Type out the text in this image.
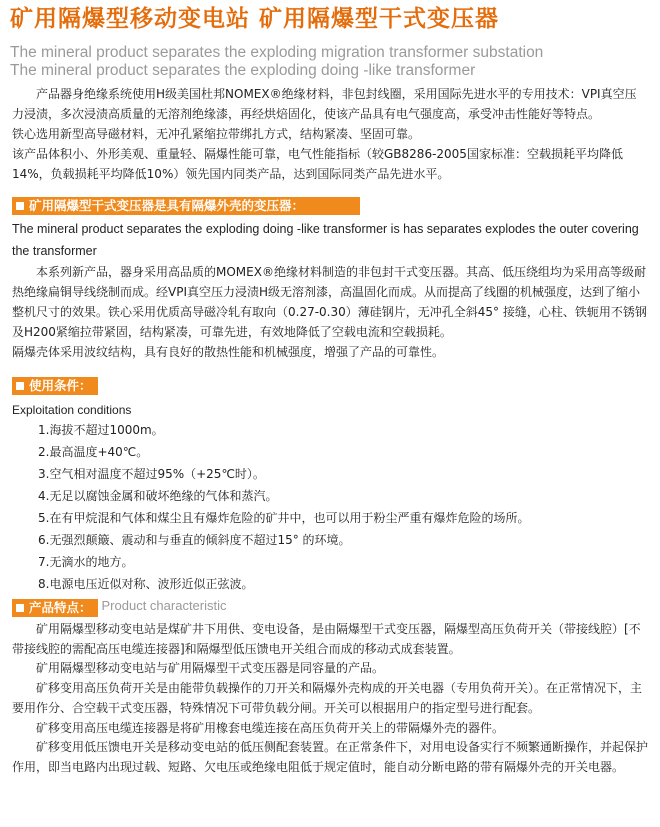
矿用隔爆型移动变电站 矿用隔爆型干式变压器
The mineral product separates the exploding migration transformer substation
The mineral product separates the exploding doing -like transformer

产品器身绝缘系统使用H级美国杜邦NOMEX®绝缘材料，非包封线圈，采用国际先进水平的专用技术：VPI真空压力浸渍，多次浸渍高质量的无溶剂绝缘漆，再经烘焙固化，使该产品具有电气强度高，承受冲击性能好等特点。

铁心选用新型高导磁材料，无冲孔紧缩拉带绑扎方式，结构紧凑、坚固可靠。

该产品体积小、外形美观、重量轻、隔爆性能可靠，电气性能指标（较GB8286-2005国家标准：空载损耗平均降低14%，负载损耗平均降低10%）领先国内同类产品，达到国际同类产品先进水平。

矿用隔爆型干式变压器是具有隔爆外壳的变压器：
The mineral product separates the exploding doing -like transformer is has separates explodes the outer covering the transformer

本系列新产品，器身采用高品质的MOMEX®绝缘材料制造的非包封干式变压器。其高、低压绕组均为采用高等级耐热绝缘扁铜导线绕制而成。经VPI真空压力浸渍H级无溶剂漆，高温固化而成。从而提高了线圈的机械强度，达到了缩小整机尺寸的效果。铁心采用优质高导磁冷轧有取向（0.27-0.30）薄硅钢片，无冲孔全斜45° 接缝，心柱、铁轭用不锈钢及H200紧缩拉带紧固，结构紧凑，可靠先进，有效地降低了空载电流和空载损耗。

隔爆壳体采用波纹结构，具有良好的散热性能和机械强度，增强了产品的可靠性。

使用条件：
Exploitation conditions
1.海拔不超过1000m。
2.最高温度+40℃。
3.空气相对温度不超过95%（+25℃时）。
4.无足以腐蚀金属和破坏绝缘的气体和蒸汽。
5.在有甲烷混和气体和煤尘且有爆炸危险的矿井中，也可以用于粉尘严重有爆炸危险的场所。
6.无强烈颠簸、震动和与垂直的倾斜度不超过15° 的环境。
7.无滴水的地方。
8.电源电压近似对称、波形近似正弦波。
产品特点： $^{Product characteristic}$

矿用隔爆型移动变电站是煤矿井下用供、变电设备，是由隔爆型干式变压器，隔爆型高压负荷开关（带接线腔）[不带接线腔的需配高压电缆连接器]和隔爆型低压馈电开关组合而成的移动式成套装置。

矿用隔爆型移动变电站与矿用隔爆型干式变压器是同容量的产品。

矿移变用高压负荷开关是由能带负载操作的刀开关和隔爆外壳构成的开关电器（专用负荷开关）。在正常情况下，主要用作分、合空载干式变压器，特殊情况下可带负载分闸。开关可以根据用户的指定型号进行配套。

矿移变用高压电缆连接器是将矿用橡套电缆连接在高压负荷开关上的带隔爆外壳的器件。

矿移变用低压馈电开关是移动变电站的低压侧配套装置。在正常条件下，对用电设备实行不频繁通断操作，并起保护作用，即当电路内出现过载、短路、欠电压或绝缘电阻低于规定值时，能自动分断电路的带有隔爆外壳的开关电器。
